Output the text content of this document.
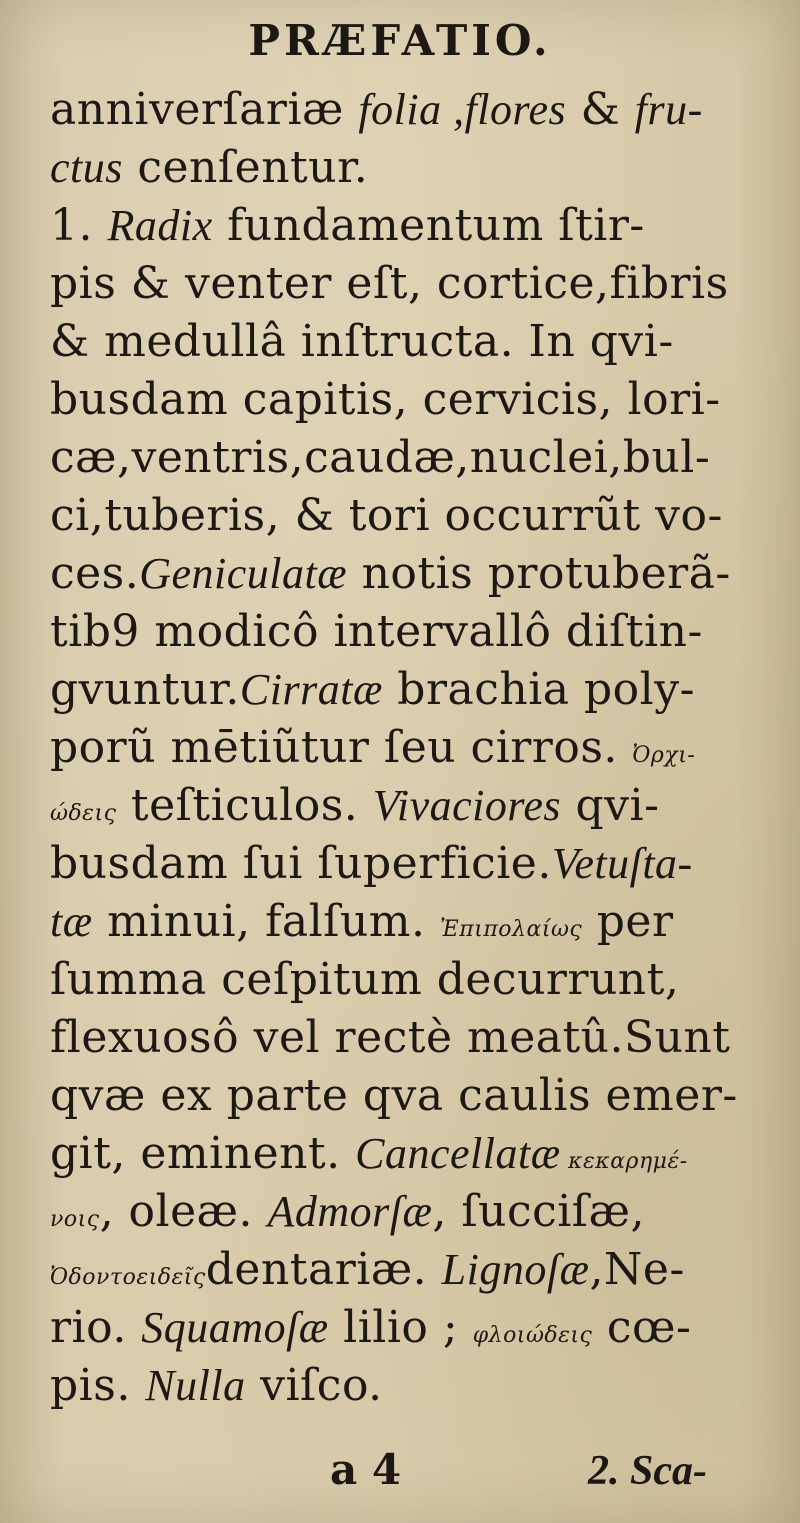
PRÆFATIO.
anniverſariæ folia ,flores & fru-
ctus cenſentur.
1. Radix fundamentum ſtir-
pis & venter eſt, cortice,fibris
& medullâ inſtructa. In qvi-
busdam capitis, cervicis, lori-
cæ,ventris,caudæ,nuclei,bul-
ci,tuberis, & tori occurrũt vo-
ces.Geniculatæ notis protuberã-
tib9 modicô intervallô diſtin-
gvuntur.Cirratæ brachia poly-
porũ mētiũtur ſeu cirros. Ὀρχι-
ώδεις teſticulos. Vivaciores qvi-
busdam ſui ſuperficie.Vetuſta-
tæ minui, falſum. Ἐπιπολαίως per
ſumma ceſpitum decurrunt,
flexuosô vel rectè meatû.Sunt
qvæ ex parte qva caulis emer-
git, eminent. Cancellatæ κεκαρημέ-
νοις, oleæ. Admorſæ, ſucciſæ,
Ὀδοντοειδεῖςdentariæ. Lignoſæ,Ne-
rio. Squamoſæ lilio ; φλοιώδεις cœ-
pis. Nulla viſco.
a 4	2. Sca-
